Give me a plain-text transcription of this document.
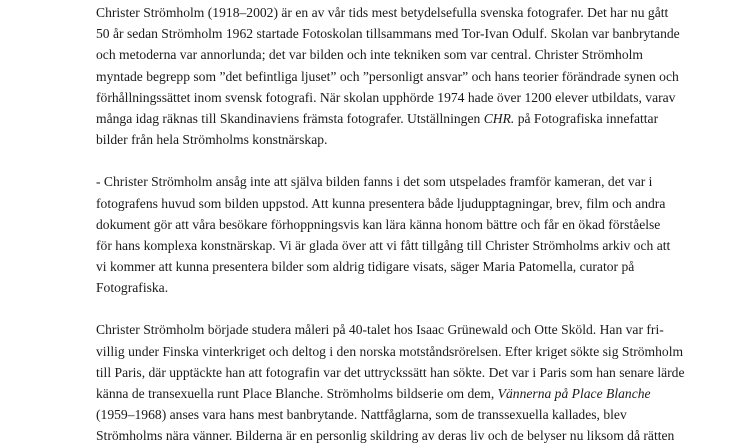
Christer Strömholm (1918–2002) är en av vår tids mest betydelsefulla svenska fotografer. Det har nu gått
50 år sedan Strömholm 1962 startade Fotoskolan tillsammans med Tor-Ivan Odulf. Skolan var banbrytande
och metoderna var annorlunda; det var bilden och inte tekniken som var central. Christer Strömholm
myntade begrepp som ”det befintliga ljuset” och ”personligt ansvar” och hans teorier förändrade synen och
förhållningssättet inom svensk fotografi. När skolan upphörde 1974 hade över 1200 elever utbildats, varav
många idag räknas till Skandinaviens främsta fotografer. Utställningen CHR. på Fotografiska innefattar
bilder från hela Strömholms konstnärskap.

- Christer Strömholm ansåg inte att själva bilden fanns i det som utspelades framför kameran, det var i
fotografens huvud som bilden uppstod. Att kunna presentera både ljudupptagningar, brev, film och andra
dokument gör att våra besökare förhoppningsvis kan lära känna honom bättre och får en ökad förståelse
för hans komplexa konstnärskap. Vi är glada över att vi fått tillgång till Christer Strömholms arkiv och att
vi kommer att kunna presentera bilder som aldrig tidigare visats, säger Maria Patomella, curator på
Fotografiska.

Christer Strömholm började studera måleri på 40-talet hos Isaac Grünewald och Otte Sköld. Han var fri-
villig under Finska vinterkriget och deltog i den norska motståndsrörelsen. Efter kriget sökte sig Strömholm
till Paris, där upptäckte han att fotografin var det uttryckssätt han sökte. Det var i Paris som han senare lärde
känna de transexuella runt Place Blanche. Strömholms bildserie om dem, Vännerna på Place Blanche
(1959–1968) anses vara hans mest banbrytande. Nattfåglarna, som de transsexuella kallades, blev
Strömholms nära vänner. Bilderna är en personlig skildring av deras liv och de belyser nu liksom då rätten
